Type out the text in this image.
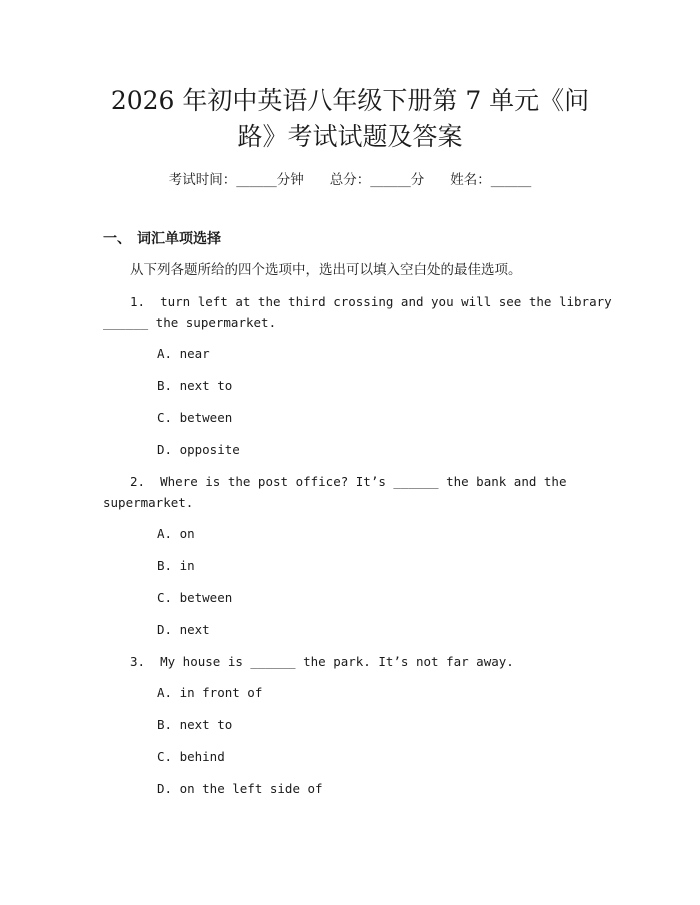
2026 年初中英语八年级下册第 7 单元《问
路》考试试题及答案
考试时间：______分钟 总分：______分 姓名：______
一、 词汇单项选择
从下列各题所给的四个选项中，选出可以填入空白处的最佳选项。
1.  turn left at the third crossing and you will see the library
______ the supermarket.
A. near
B. next to
C. between
D. opposite
2.  Where is the post office? It’s ______ the bank and the
supermarket.
A. on
B. in
C. between
D. next
3.  My house is ______ the park. It’s not far away.
A. in front of
B. next to
C. behind
D. on the left side of
